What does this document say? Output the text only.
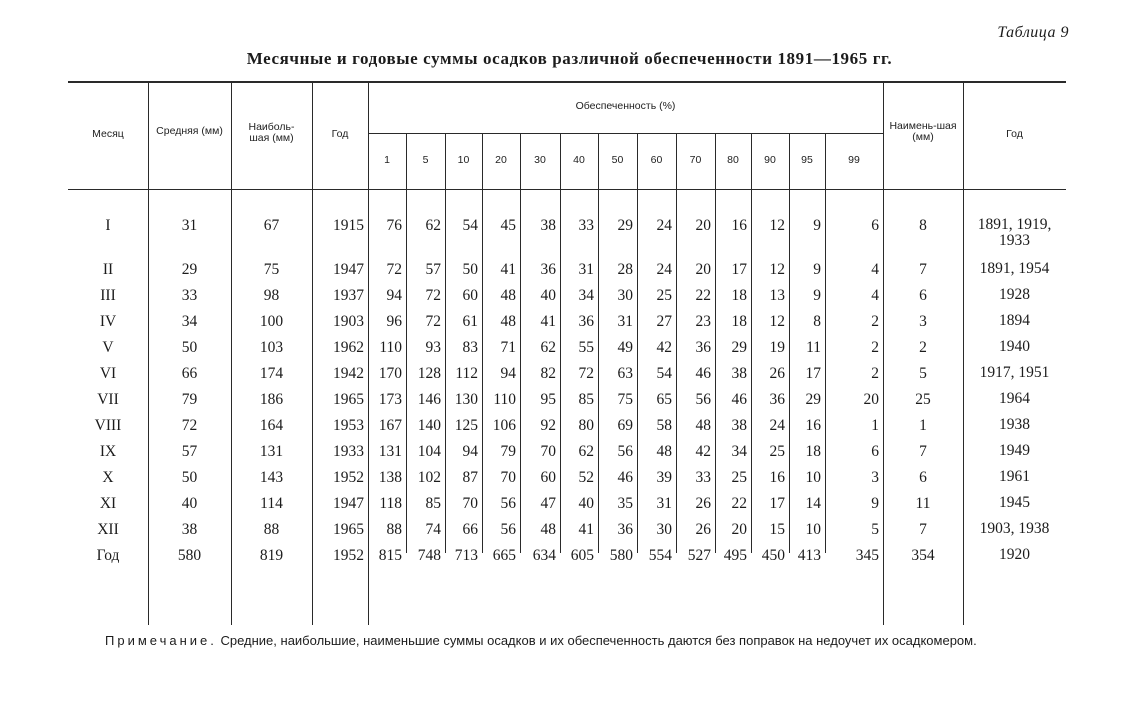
Таблица 9
Месячные и годовые суммы осадков различной обеспеченности 1891—1965 гг.
Месяц	Средняя (мм)	Наиболь-шая (мм)	Год
Обеспеченность (%)
1	5	10	20	30	40	50	60	70	80	90	95	99
Наимень-шая (мм)	Год
I	31	67	1915	76	62	54	45	38	33	29	24	20	16	12	9	6	8	1891, 1919,
1933
II	29	75	1947	72	57	50	41	36	31	28	24	20	17	12	9	4	7	1891, 1954
III	33	98	1937	94	72	60	48	40	34	30	25	22	18	13	9	4	6	1928
IV	34	100	1903	96	72	61	48	41	36	31	27	23	18	12	8	2	3	1894
V	50	103	1962 110	93	83	71	62	55	49	42	36	29	19	11	2	2	1940
VI	66	174	1942 170	128 112	94	82	72	63	54	46	38	26	17	2	5	1917, 1951
VII	79	186	1965 173	146 130 110	95	85	75	65	56	46	36	29	20	25	1964
VIII	72	164	1953 167	140 125 106	92	80	69	58	48	38	24	16	1	1	1938
IX	57	131	1933 131	104	94	79	70	62	56	48	42	34	25	18	6	7	1949
X	50	143	1952 138	102	87	70	60	52	46	39	33	25	16	10	3	6	1961
XI	40	114	1947 118	85	70	56	47	40	35	31	26	22	17	14	9	11	1945
XII	38	88	1965	88	74	66	56	48	41	36	30	26	20	15	10	5	7	1903, 1938
Год	580	819	1952 815	748 713 665	634 605	580	554	527 495 450 413	345	354	1920
Примечание. Средние, наибольшие, наименьшие суммы осадков и их обеспеченность даются без поправок на недоучет их осадкомером.
